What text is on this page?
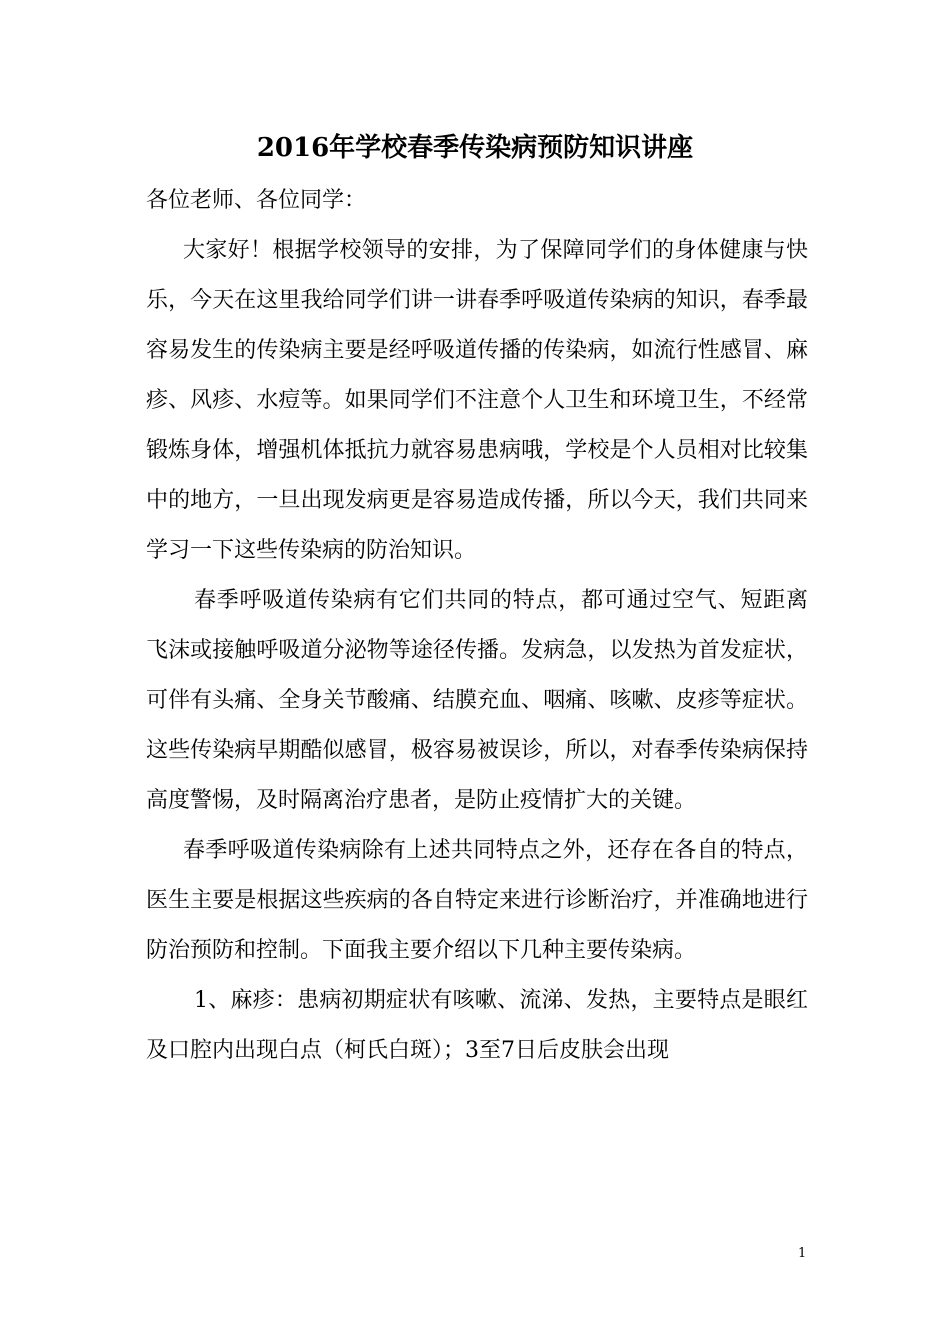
2016年学校春季传染病预防知识讲座

各位老师、各位同学：

大家好！根据学校领导的安排，为了保障同学们的身体健康与快乐，今天在这里我给同学们讲一讲春季呼吸道传染病的知识，春季最容易发生的传染病主要是经呼吸道传播的传染病，如流行性感冒、麻疹、风疹、水痘等。如果同学们不注意个人卫生和环境卫生，不经常锻炼身体，增强机体抵抗力就容易患病哦，学校是个人员相对比较集中的地方，一旦出现发病更是容易造成传播，所以今天，我们共同来学习一下这些传染病的防治知识。

春季呼吸道传染病有它们共同的特点，都可通过空气、短距离飞沫或接触呼吸道分泌物等途径传播。发病急，以发热为首发症状，可伴有头痛、全身关节酸痛、结膜充血、咽痛、咳嗽、皮疹等症状。这些传染病早期酷似感冒，极容易被误诊，所以，对春季传染病保持高度警惕，及时隔离治疗患者，是防止疫情扩大的关键。

春季呼吸道传染病除有上述共同特点之外，还存在各自的特点，医生主要是根据这些疾病的各自特定来进行诊断治疗，并准确地进行防治预防和控制。下面我主要介绍以下几种主要传染病。

1、麻疹：患病初期症状有咳嗽、流涕、发热，主要特点是眼红及口腔内出现白点（柯氏白斑）；3至7日后皮肤会出现

1
